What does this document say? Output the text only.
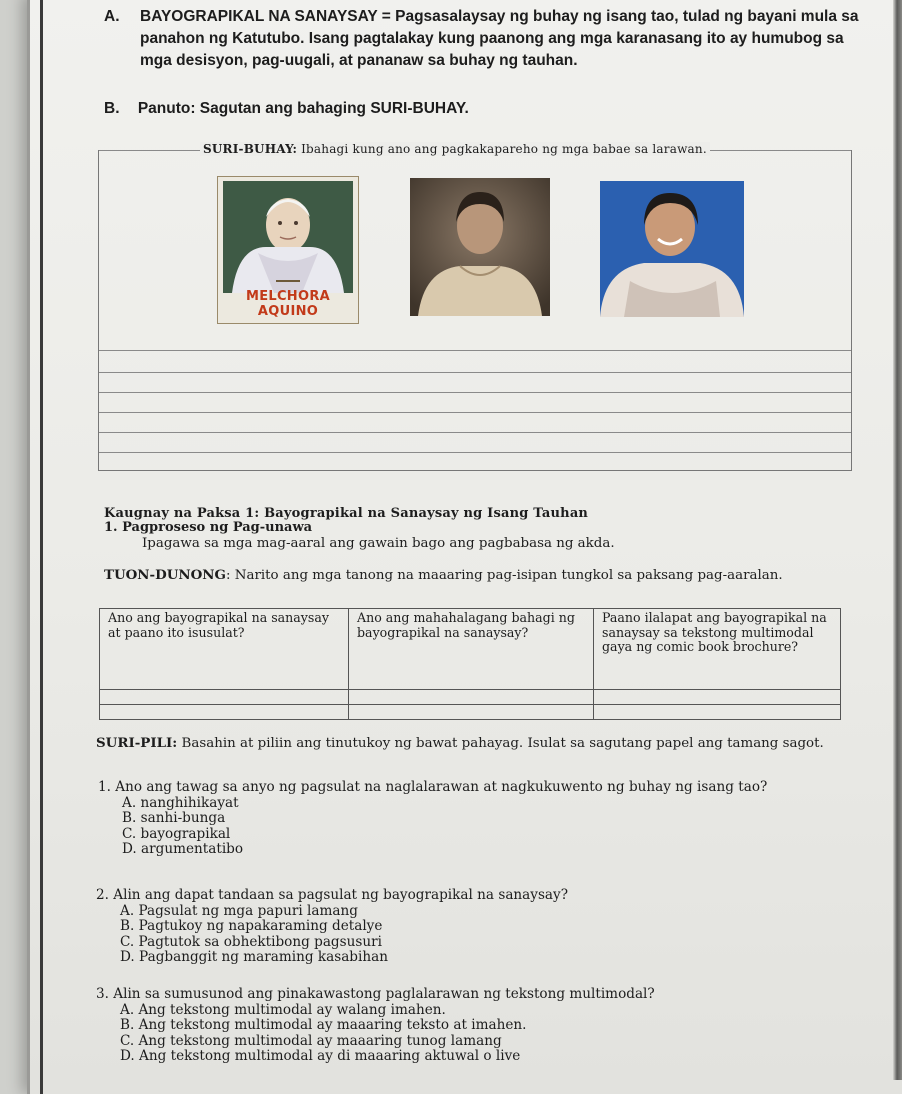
A. BAYOGRAPIKAL NA SANAYSAY = Pagsasalaysay ng buhay ng isang tao, tulad ng bayani mula sa panahon ng Katutubo. Isang pagtalakay kung paanong ang mga karanasang ito ay humubog sa mga desisyon, pag-uugali, at pananaw sa buhay ng tauhan.
B. Panuto: Sagutan ang bahaging SURI-BUHAY.
SURI-BUHAY: Ibahagi kung ano ang pagkakapareho ng mga babae sa larawan.
MELCHORA AQUINO
Kaugnay na Paksa 1: Bayograpikal na Sanaysay ng Isang Tauhan
1. Pagproseso ng Pag-unawa
Ipagawa sa mga mag-aaral ang gawain bago ang pagbabasa ng akda.
TUON-DUNONG: Narito ang mga tanong na maaaring pag-isipan tungkol sa paksang pag-aaralan.
Ano ang bayograpikal na sanaysay at paano ito isusulat?	Ano ang mahahalagang bahagi ng bayograpikal na sanaysay?	Paano ilalapat ang bayograpikal na sanaysay sa tekstong multimodal gaya ng comic book brochure?

SURI-PILI: Basahin at piliin ang tinutukoy ng bawat pahayag. Isulat sa sagutang papel ang tamang sagot.
1. Ano ang tawag sa anyo ng pagsulat na naglalarawan at nagkukuwento ng buhay ng isang tao?
A. nanghihikayat
B. sanhi-bunga
C. bayograpikal
D. argumentatibo
2. Alin ang dapat tandaan sa pagsulat ng bayograpikal na sanaysay?
A. Pagsulat ng mga papuri lamang
B. Pagtukoy ng napakaraming detalye
C. Pagtutok sa obhektibong pagsusuri
D. Pagbanggit ng maraming kasabihan
3. Alin sa sumusunod ang pinakawastong paglalarawan ng tekstong multimodal?
A. Ang tekstong multimodal ay walang imahen.
B. Ang tekstong multimodal ay maaaring teksto at imahen.
C. Ang tekstong multimodal ay maaaring tunog lamang
D. Ang tekstong multimodal ay di maaaring aktuwal o live
